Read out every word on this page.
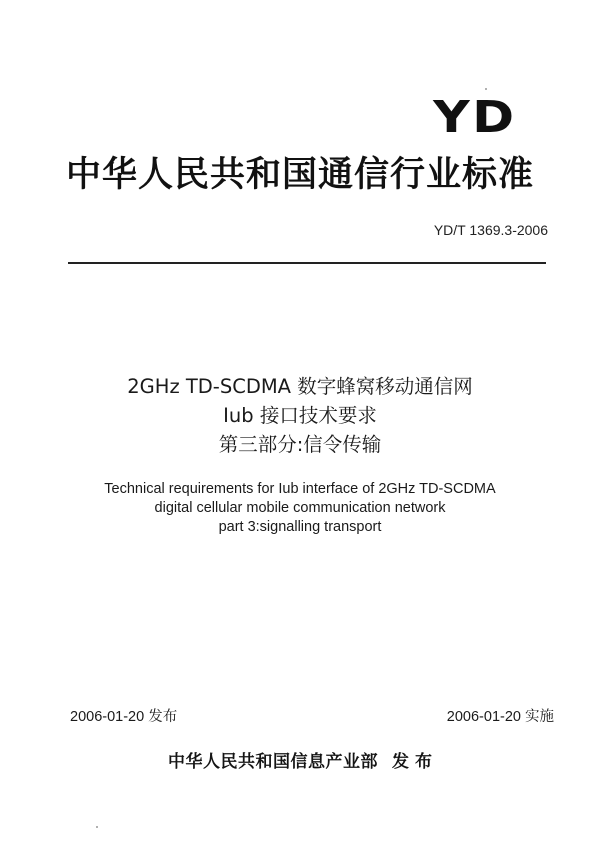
YD
中华人民共和国通信行业标准
YD/T 1369.3-2006
2GHz TD-SCDMA 数字蜂窝移动通信网
Iub 接口技术要求
第三部分:信令传输
Technical requirements for Iub interface of 2GHz TD-SCDMA
digital cellular mobile communication network
part 3:signalling transport
2006-01-20 发布	2006-01-20 实施
中华人民共和国信息产业部 发 布
